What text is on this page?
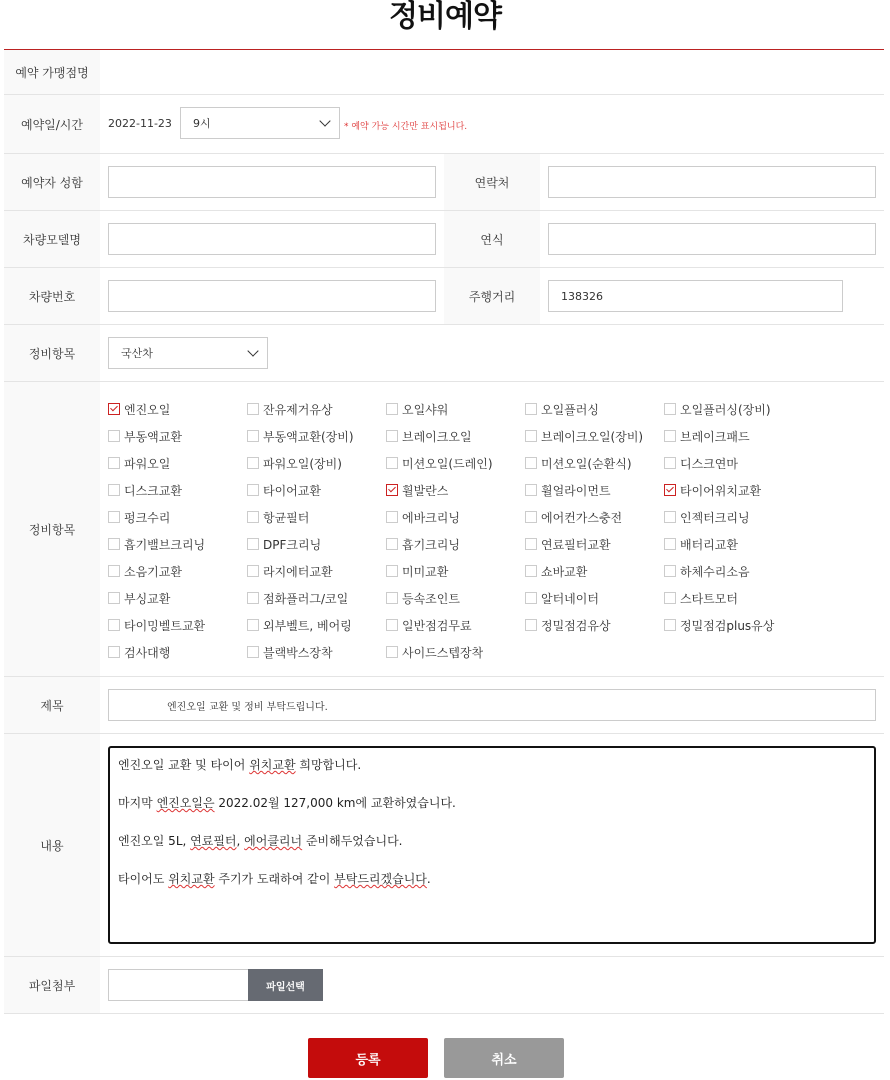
정비예약
예약 가맹점명
예약일/시간	2022-11-23 9시	* 예약 가능 시간만 표시됩니다.
예약자 성함	연락처
차량모델명	연식
차량번호	주행거리	138326
정비항목	국산차
정비항목
엔진오일	잔유제거유상	오일샤워	오일플러싱	오일플러싱(장비)
부동액교환	부동액교환(장비)	브레이크오일	브레이크오일(장비)	브레이크패드
파워오일	파워오일(장비)	미션오일(드레인)	미션오일(순환식)	디스크연마
디스크교환	타이어교환	휠발란스	휠얼라이먼트	타이어위치교환
펑크수리	항균필터	에바크리닝	에어컨가스충전	인젝터크리닝
흡기밸브크리닝	DPF크리닝	흡기크리닝	연료필터교환	배터리교환
소음기교환	라지에터교환	미미교환	쇼바교환	하체수리소음
부싱교환	점화플러그/코일	등속조인트	알터네이터	스타트모터
타이밍벨트교환	외부벨트, 베어링	일반점검무료	정밀점검유상	정밀점검plus유상
검사대행	블랙박스장착	사이드스텝장착
제목	엔진오일 교환 및 정비 부탁드립니다.
내용

엔진오일 교환 및 타이어 위치교환 희망합니다.

마지막 엔진오일은 2022.02월 127,000 km에 교환하였습니다.

엔진오일 5L, 연료필터, 에어클리너 준비해두었습니다.

타이어도 위치교환 주기가 도래하여 같이 부탁드리겠습니다.

파일첨부	파일선택
등록	취소
